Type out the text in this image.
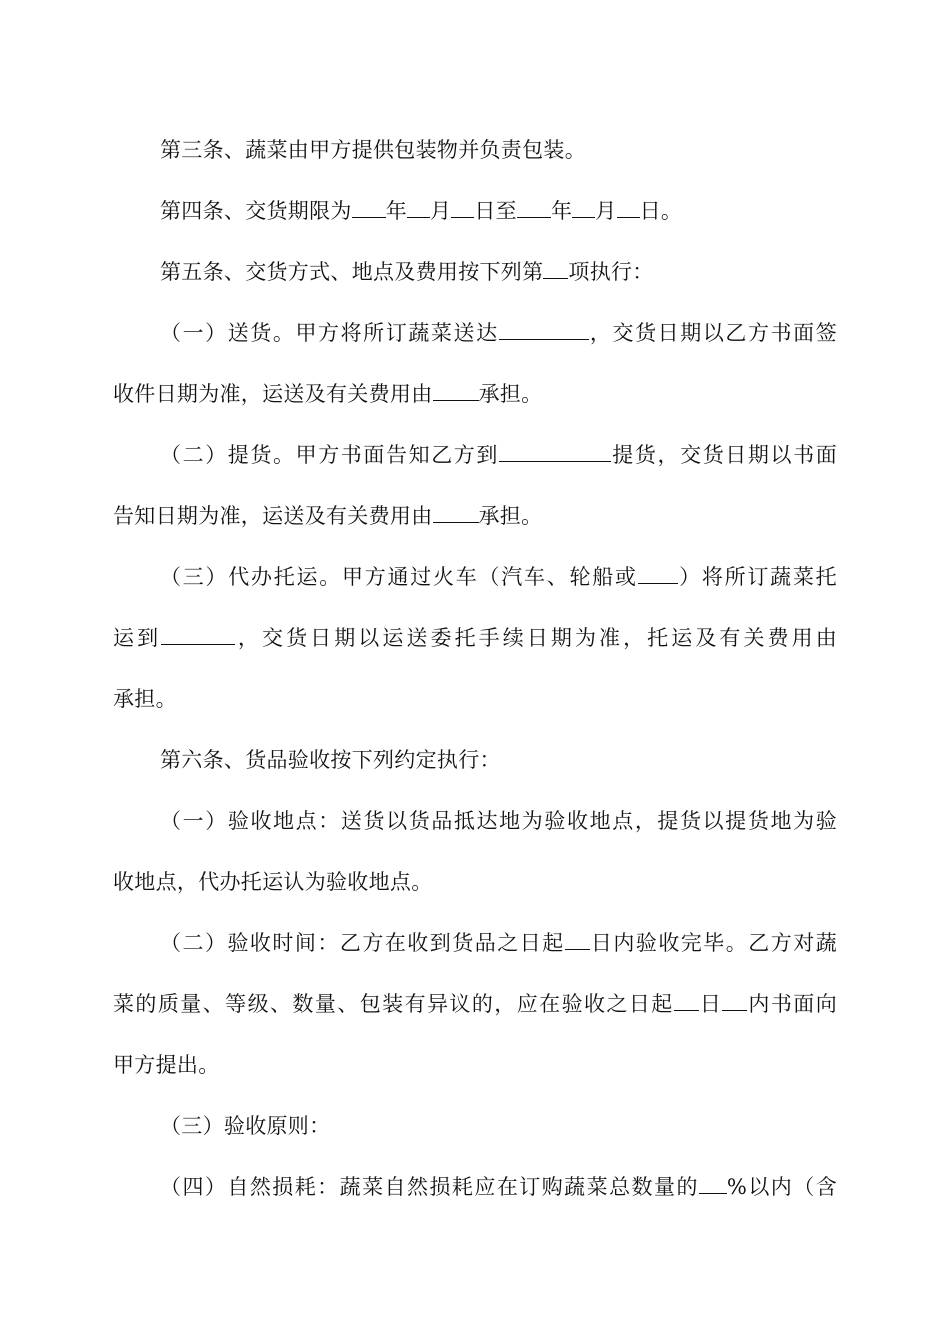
第三条、蔬菜由甲方提供包装物并负责包装。
第四条、交货期限为 年 月 日至 年 月 日。
第五条、交货方式、地点及费用按下列第 项执行：
（一）送货。甲方将所订蔬菜送达	，交货日期以乙方书面签
收件日期为准，运送及有关费用由 承担。
（二）提货。甲方书面告知乙方到	提货，交货日期以书面
告知日期为准，运送及有关费用由 承担。
（三）代办托运。甲方通过火车（汽车、轮船或 ）将所订蔬菜托
运到	，交货日期以运送委托手续日期为准，托运及有关费用由
承担。
第六条、货品验收按下列约定执行：
（一）验收地点：送货以货品抵达地为验收地点，提货以提货地为验
收地点，代办托运认为验收地点。
（二）验收时间：乙方在收到货品之日起 日内验收完毕。乙方对蔬
菜的质量、等级、数量、包装有异议的，应在验收之日起 日 内书面向
甲方提出。
（三）验收原则：
（四）自然损耗：蔬菜自然损耗应在订购蔬菜总数量的 %以内（含
